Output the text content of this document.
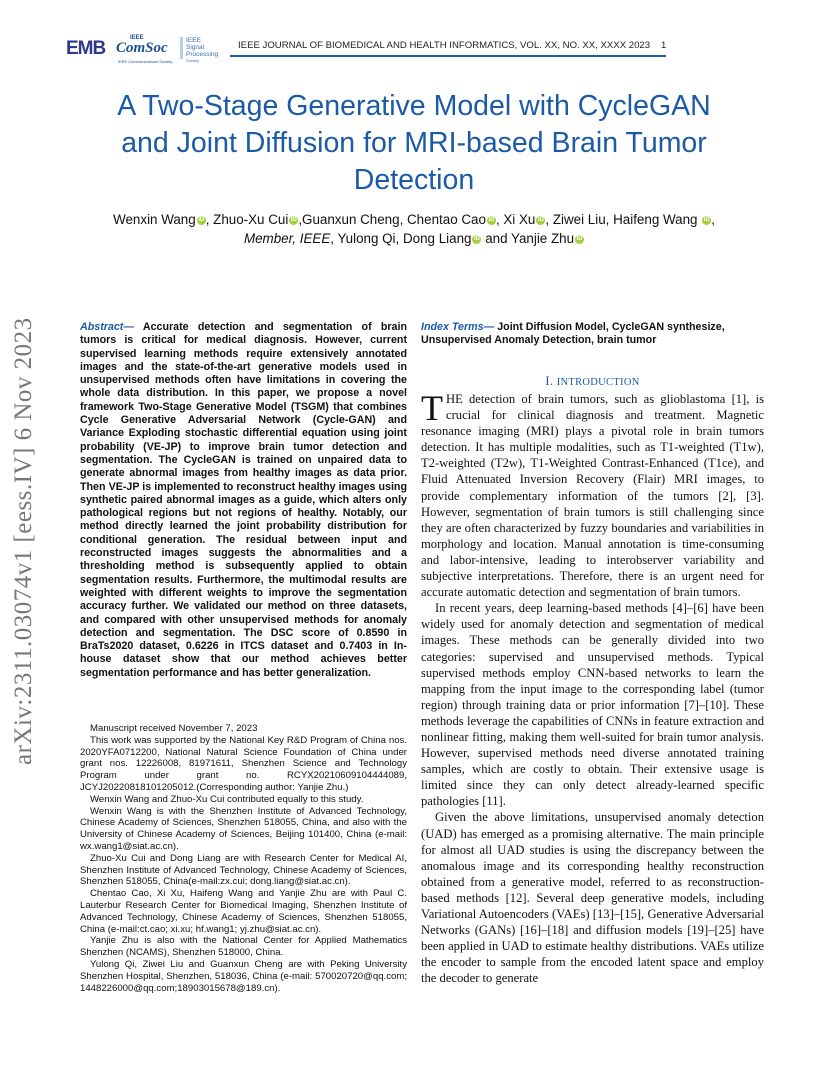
EMB	IEEE
ComSoc
IEEE Communications Society
IEEE
Signal
Processing
Society
IEEE JOURNAL OF BIOMEDICAL AND HEALTH INFORMATICS, VOL. XX, NO. XX, XXXX 2023 1
A Two-Stage Generative Model with CycleGAN
and Joint Diffusion for MRI-based Brain Tumor
Detection
Wenxin Wang iD , Zhuo-Xu Cui iD ,Guanxun Cheng, Chentao Cao iD , Xi Xu iD , Ziwei Liu, Haifeng Wang iD ,
Member, IEEE, Yulong Qi, Dong Liang iD and Yanjie Zhu iD
arXiv:2311.03074v1 [eess.IV] 6 Nov 2023	Abstract— Accurate detection and segmentation of brain tumors is critical for medical diagnosis. However, current supervised learning methods require extensively annotated images and the state-of-the-art generative models used in unsupervised methods often have limitations in covering the whole data distribution. In this paper, we propose a novel framework Two-Stage Generative Model (TSGM) that combines Cycle Generative Adversarial Network (Cycle-GAN) and Variance Exploding stochastic differential equation using joint probability (VE-JP) to improve brain tumor detection and segmentation. The CycleGAN is trained on unpaired data to generate abnormal images from healthy images as data prior. Then VE-JP is implemented to reconstruct healthy images using synthetic paired abnormal images as a guide, which alters only pathological regions but not regions of healthy. Notably, our method directly learned the joint probability distribution for conditional generation. The residual between input and reconstructed images suggests the abnormalities and a thresholding method is subsequently applied to obtain segmentation results. Furthermore, the multimodal results are weighted with different weights to improve the segmentation accuracy further. We validated our method on three datasets, and compared with other unsupervised methods for anomaly detection and segmentation. The DSC score of 0.8590 in BraTs2020 dataset, 0.6226 in ITCS dataset and 0.7403 in In-house dataset show that our method achieves better segmentation performance and has better generalization.
Index Terms— Joint Diffusion Model, CycleGAN synthesize, Unsupervised Anomaly Detection, brain tumor

Manuscript received November 7, 2023

This work was supported by the National Key R&D Program of China nos. 2020YFA0712200, National Natural Science Foundation of China under grant nos. 12226008, 81971611, Shenzhen Science and Technology Program under grant no. RCYX20210609104444089, JCYJ20220818101205012.(Corresponding author: Yanjie Zhu.)

Wenxin Wang and Zhuo-Xu Cui contributed equally to this study.

Wenxin Wang is with the Shenzhen Institute of Advanced Technology, Chinese Academy of Sciences, Shenzhen 518055, China, and also with the University of Chinese Academy of Sciences, Beijing 101400, China (e-mail: wx.wang1@siat.ac.cn).

Zhuo-Xu Cui and Dong Liang are with Research Center for Medical AI, Shenzhen Institute of Advanced Technology, Chinese Academy of Sciences, Shenzhen 518055, China(e-mail:zx.cui; dong.liang@siat.ac.cn).

Chentao Cao, Xi Xu, Haifeng Wang and Yanjie Zhu are with Paul C. Lauterbur Research Center for Biomedical Imaging, Shenzhen Institute of Advanced Technology, Chinese Academy of Sciences, Shenzhen 518055, China (e-mail:ct.cao; xi.xu; hf.wang1; yj.zhu@siat.ac.cn).

Yanjie Zhu is also with the National Center for Applied Mathematics Shenzhen (NCAMS), Shenzhen 518000, China.

Yulong Qi, Ziwei Liu and Guanxun Cheng are with Peking University Shenzhen Hospital, Shenzhen, 518036, China (e-mail: 570020720@qq.com; 1448226000@qq.com;18903015678@189.cn).

I. INTRODUCTION

THE detection of brain tumors, such as glioblastoma [1], is crucial for clinical diagnosis and treatment. Magnetic resonance imaging (MRI) plays a pivotal role in brain tumors detection. It has multiple modalities, such as T1-weighted (T1w), T2-weighted (T2w), T1-Weighted Contrast-Enhanced (T1ce), and Fluid Attenuated Inversion Recovery (Flair) MRI images, to provide complementary information of the tumors [2], [3]. However, segmentation of brain tumors is still challenging since they are often characterized by fuzzy boundaries and variabilities in morphology and location. Manual annotation is time-consuming and labor-intensive, leading to interobserver variability and subjective interpretations. Therefore, there is an urgent need for accurate automatic detection and segmentation of brain tumors.

In recent years, deep learning-based methods [4]–[6] have been widely used for anomaly detection and segmentation of medical images. These methods can be generally divided into two categories: supervised and unsupervised methods. Typical supervised methods employ CNN-based networks to learn the mapping from the input image to the corresponding label (tumor region) through training data or prior information [7]–[10]. These methods leverage the capabilities of CNNs in feature extraction and nonlinear fitting, making them well-suited for brain tumor analysis. However, supervised methods need diverse annotated training samples, which are costly to obtain. Their extensive usage is limited since they can only detect already-learned specific pathologies [11].

Given the above limitations, unsupervised anomaly detection (UAD) has emerged as a promising alternative. The main principle for almost all UAD studies is using the discrepancy between the anomalous image and its corresponding healthy reconstruction obtained from a generative model, referred to as reconstruction-based methods [12]. Several deep generative models, including Variational Autoencoders (VAEs) [13]–[15], Generative Adversarial Networks (GANs) [16]–[18] and diffusion models [19]–[25] have been applied in UAD to estimate healthy distributions. VAEs utilize the encoder to sample from the encoded latent space and employ the decoder to generate
